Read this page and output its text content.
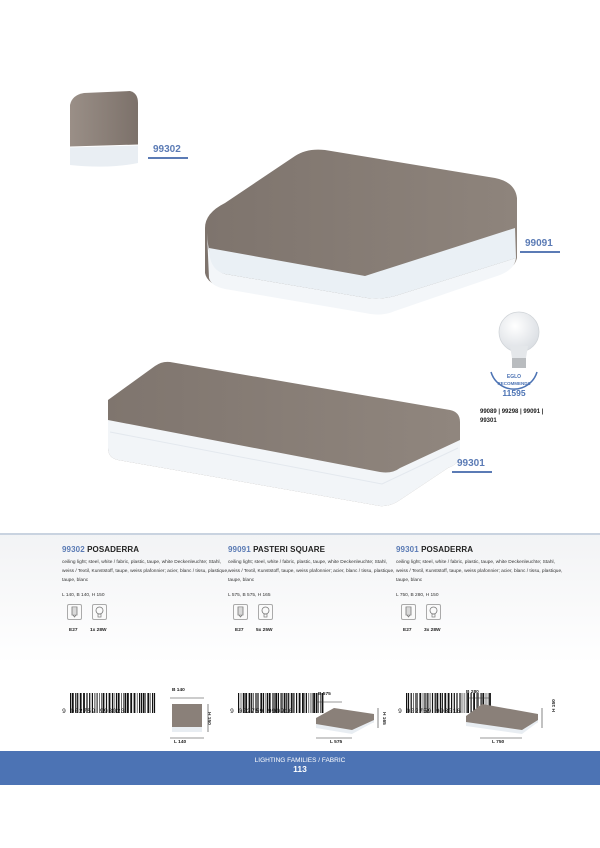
99302
99091
EGLO
RECOMMENDS
11595
99089 | 99298 | 99091 | 99301
99301
99302 POSADERRA
ceiling light; steel, white / fabric, plastic, taupe, white Deckenleuchte; Stahl, weiss / Textil, Kunststoff, taupe, weiss plafonnier; acier, blanc / tissu, plastique, taupe, blanc
L 140, B 140, H 150
E27	1x 28W
99091 PASTERI SQUARE
ceiling light; steel, white / fabric, plastic, taupe, white Deckenleuchte; Stahl, weiss / Textil, Kunststoff, taupe, weiss plafonnier; acier, blanc / tissu, plastique, taupe, blanc
L 575, B 575, H 165
E27	5x 25W
99301 POSADERRA
ceiling light; steel, white / fabric, plastic, taupe, white Deckenleuchte; Stahl, weiss / Textil, Kunststoff, taupe, weiss plafonnier; acier, blanc / tissu, plastique, taupe, blanc
L 750, B 280, H 150
E27	3x 28W
9 002759 993023
B 140
H 150
L 140
9 002759 990916
B 575
H 165
L 575
9 002759 993016
B 280
H 150
L 750
LIGHTING FAMILIES / FABRIC
113
